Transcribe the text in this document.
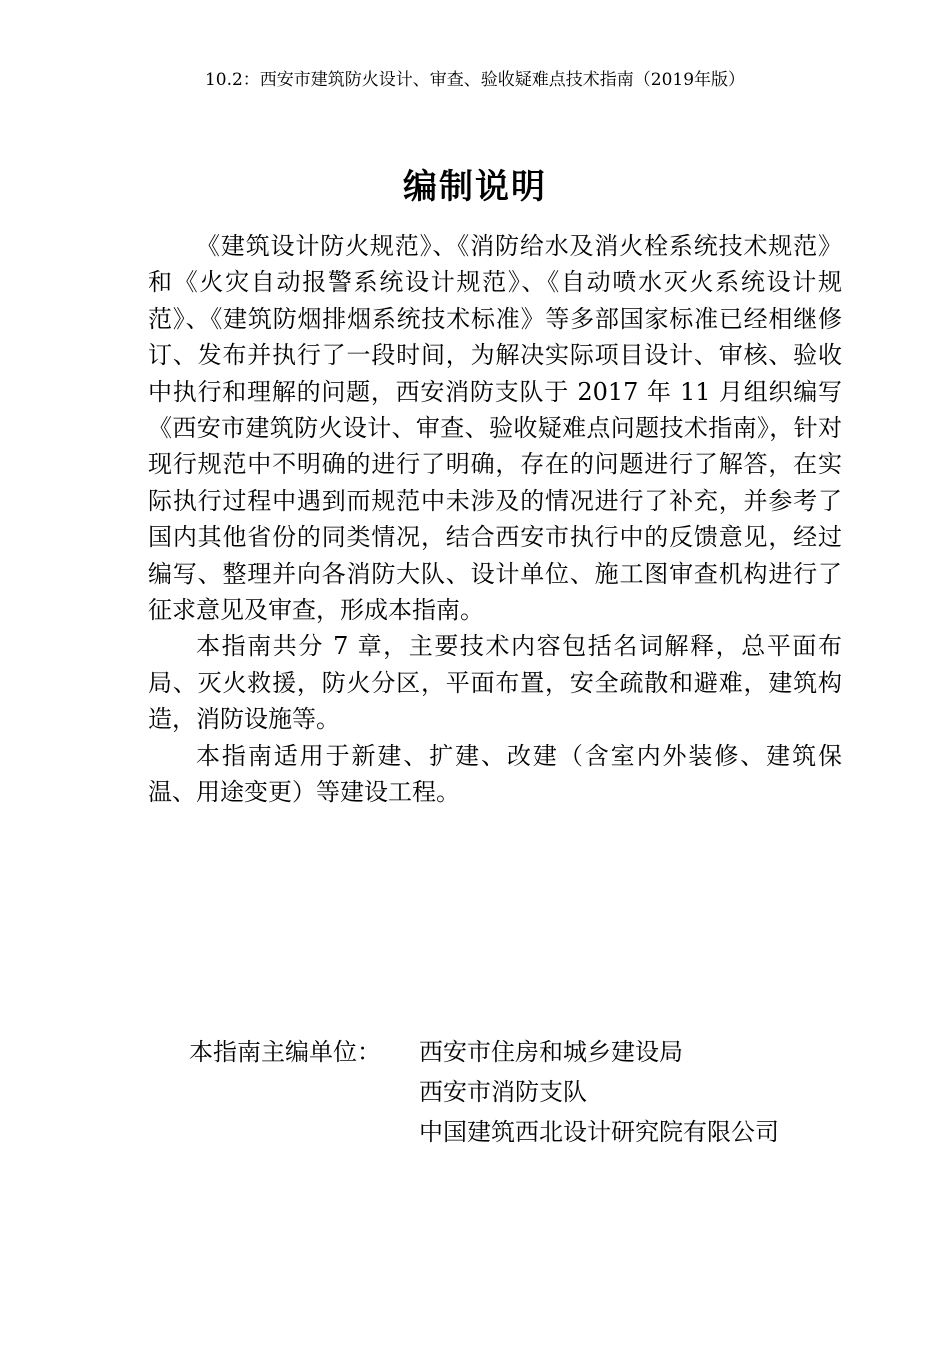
10.2：西安市建筑防火设计、审查、验收疑难点技术指南（2019年版）
编制说明

《建筑设计防火规范》、《消防给水及消火栓系统技术规范》和《火灾自动报警系统设计规范》、《自动喷水灭火系统设计规范》、《建筑防烟排烟系统技术标准》等多部国家标准已经相继修订、发布并执行了一段时间，为解决实际项目设计、审核、验收中执行和理解的问题，西安消防支队于 2017 年 11 月组织编写《西安市建筑防火设计、审查、验收疑难点问题技术指南》，针对现行规范中不明确的进行了明确，存在的问题进行了解答，在实际执行过程中遇到而规范中未涉及的情况进行了补充，并参考了国内其他省份的同类情况，结合西安市执行中的反馈意见，经过编写、整理并向各消防大队、设计单位、施工图审查机构进行了征求意见及审查，形成本指南。

本指南共分 7 章，主要技术内容包括名词解释，总平面布局、灭火救援，防火分区，平面布置，安全疏散和避难，建筑构造，消防设施等。

本指南适用于新建、扩建、改建（含室内外装修、建筑保温、用途变更）等建设工程。

本指南主编单位： 西安市住房和城乡建设局
西安市消防支队
中国建筑西北设计研究院有限公司
